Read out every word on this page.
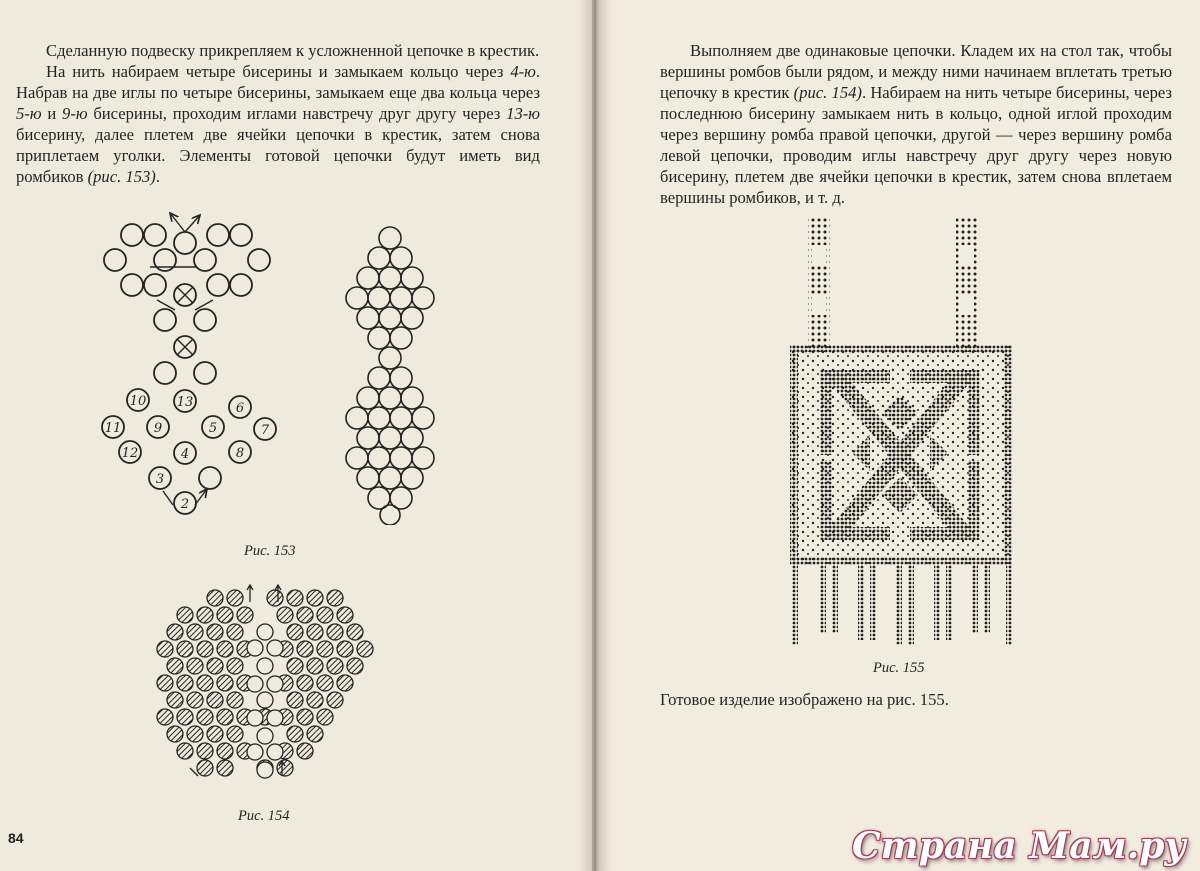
Сделанную подвеску прикрепляем к усложненной цепочке в крестик.

На нить набираем четыре бисерины и замыкаем кольцо через 4-ю. Набрав на две иглы по четыре бисерины, замыкаем еще два кольца через 5-ю и 9-ю бисерины, проходим иглами навстречу друг другу через 13-ю бисерину, далее плетем две ячейки цепочки в крестик, затем снова приплетаем уголки. Элементы готовой цепочки будут иметь вид ромбиков (рис. 153).

2
3
4
5
6
7
8
9
10
11
12
13
Рис. 153
Рис. 154
84

Выполняем две одинаковые цепочки. Кладем их на стол так, чтобы вершины ромбов были рядом, и между ними начинаем вплетать третью цепочку в крестик (рис. 154). Набираем на нить четыре бисерины, через последнюю бисерину замыкаем нить в кольцо, одной иглой проходим через вершину ромба правой цепочки, другой — через вершину ромба левой цепочки, проводим иглы навстречу друг другу через новую бисерину, плетем две ячейки цепочки в крестик, затем снова вплетаем вершины ромбиков, и т. д.

Рис. 155
Готовое изделие изображено на рис. 155.
Страна Мам.ру
